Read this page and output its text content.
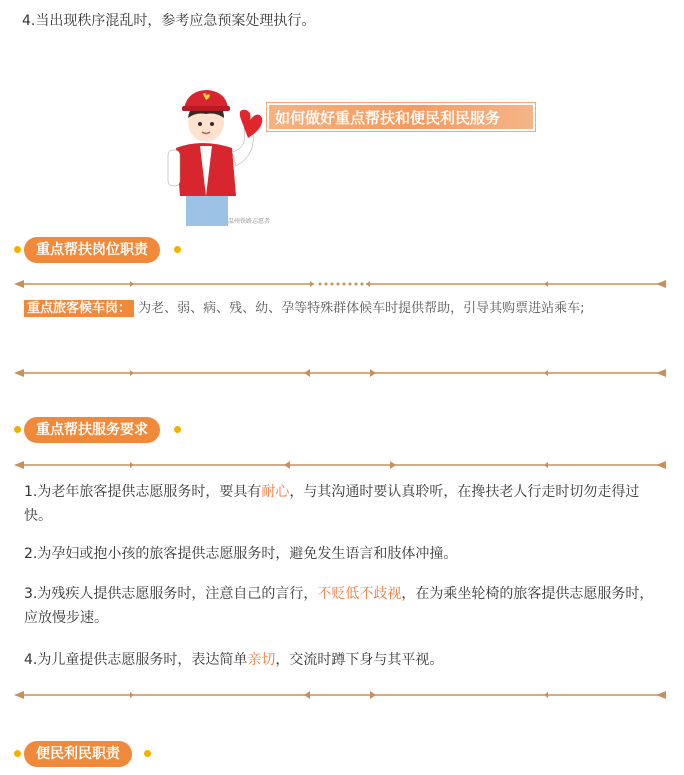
4.当出现秩序混乱时，参考应急预案处理执行。
如何做好重点帮扶和便民利民服务
温州铁路志愿者
重点帮扶岗位职责
重点旅客候车岗： 为老、弱、病、残、幼、孕等特殊群体候车时提供帮助，引导其购票进站乘车;
重点帮扶服务要求
1.为老年旅客提供志愿服务时，要具有耐心，与其沟通时要认真聆听，在搀扶老人行走时切勿走得过快。
2.为孕妇或抱小孩的旅客提供志愿服务时，避免发生语言和肢体冲撞。
3.为残疾人提供志愿服务时，注意自己的言行，不贬低不歧视，在为乘坐轮椅的旅客提供志愿服务时，应放慢步速。
4.为儿童提供志愿服务时，表达简单亲切，交流时蹲下身与其平视。
便民利民职责
